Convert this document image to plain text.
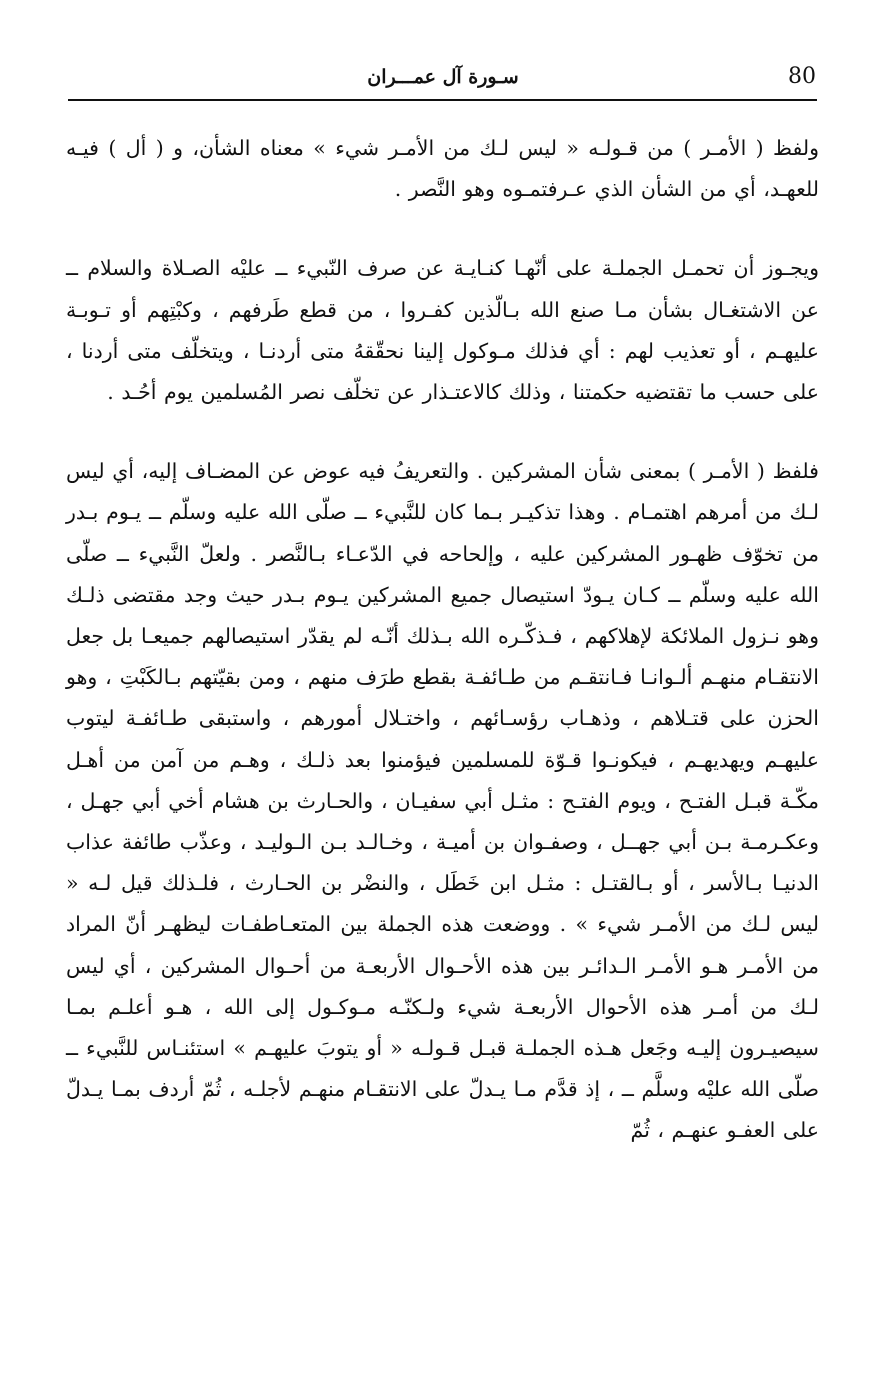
80
سـورة آل عمـــران

ولفظ ( الأمـر ) من قـولـه « ليس لـك من الأمـر شيء » معناه الشأن، و ( أل ) فيـه للعهـد، أي من الشأن الذي عـرفتمـوه وهو النَّصر .

ويجـوز أن تحمـل الجملـة على أنّهـا كنـايـة عن صرف النّبيء ــ عليْه الصـلاة والسلام ــ عن الاشتغـال بشأن مـا صنع الله بـالّذين كفـروا ، من قطع طَرفهم ، وكبْتِهم أو تـوبـة عليهـم ، أو تعذيب لهم : أي فذلك مـوكول إلينا نحقّقهُ متى أردنـا ، ويتخلّف متى أردنا ، على حسب ما تقتضيه حكمتنا ، وذلك كالاعتـذار عن تخلّف نصر المُسلمين يوم أحُـد .

فلفظ ( الأمـر ) بمعنى شأن المشركين . والتعريفُ فيه عوض عن المضـاف إليه، أي ليس لـك من أمرهم اهتمـام . وهذا تذكيـر بـما كان للنَّبيء ــ صلّى الله عليه وسلّم ــ يـوم بـدر من تخوّف ظهـور المشركين عليه ، وإلحاحه في الدّعـاء بـالنَّصر . ولعلّ النَّبيء ــ صلّى الله عليه وسلّم ــ كـان يـودّ استيصال جميع المشركين يـوم بـدر حيث وجد مقتضى ذلـك وهو نـزول الملائكة لإهلاكهم ، فـذكّـره الله بـذلك أنّـه لم يقدّر استيصالهم جميعـا بل جعل الانتقـام منهـم ألـوانـا فـانتقـم من طـائفـة بقطع طرَف منهم ، ومن بقيّتهم بـالكَبْتِ ، وهو الحزن على قتـلاهم ، وذهـاب رؤسـائهم ، واختـلال أمورهم ، واستبقى طـائفـة ليتوب عليهـم ويهديهـم ، فيكونـوا قـوّة للمسلمين فيؤمنوا بعد ذلـك ، وهـم من آمن من أهـل مكّـة قبـل الفتـح ، ويوم الفتـح : مثـل أبي سفيـان ، والحـارث بن هشام أخي أبي جهـل ، وعكـرمـة بـن أبي جهــل ، وصفـوان بن أميـة ، وخـالـد بـن الـوليـد ، وعذّب طائفة عذاب الدنيـا بـالأسر ، أو بـالقتـل : مثـل ابن خَطَل ، والنضْر بن الحـارث ، فلـذلك قيل لـه « ليس لـك من الأمـر شيء » . ووضعت هذه الجملة بين المتعـاطفـات ليظهـر أنّ المراد من الأمـر هـو الأمـر الـدائـر بين هذه الأحـوال الأربعـة من أحـوال المشركين ، أي ليس لـك من أمـر هذه الأحوال الأربعـة شيء ولـكنّـه مـوكـول إلى الله ، هـو أعلـم بمـا سيصيـرون إليـه وجَعل هـذه الجملـة قبـل قـولـه « أو يتوبَ عليهـم » استئنـاس للنَّبيء ــ صلّى الله عليْه وسلَّم ــ ، إذ قدَّم مـا يـدلّ على الانتقـام منهـم لأجلـه ، ثُمّ أردف بمـا يـدلّ على العفـو عنهـم ، ثُمّ
